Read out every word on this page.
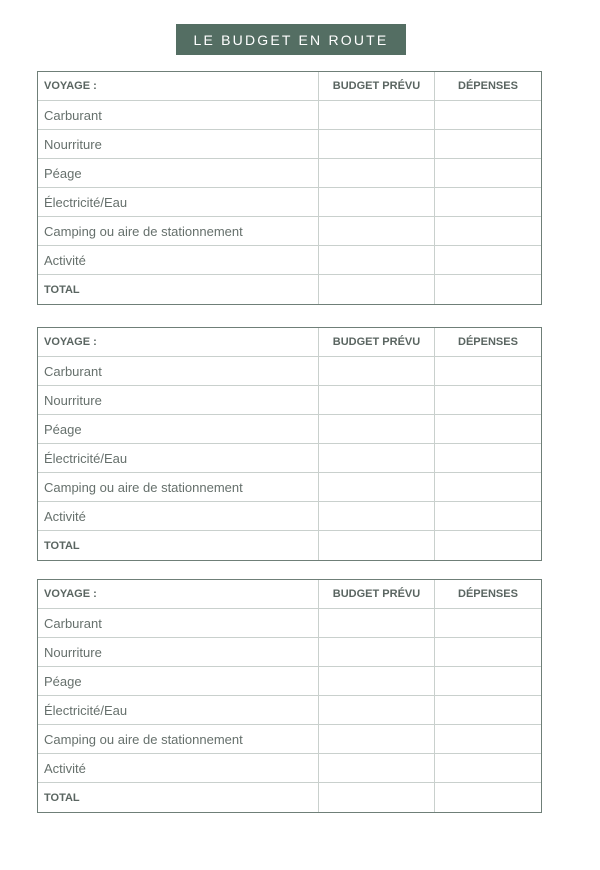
LE BUDGET EN ROUTE
VOYAGE :	BUDGET PRÉVU	DÉPENSES
Carburant
Nourriture
Péage
Électricité/Eau
Camping ou aire de stationnement
Activité
TOTAL
VOYAGE :	BUDGET PRÉVU	DÉPENSES
Carburant
Nourriture
Péage
Électricité/Eau
Camping ou aire de stationnement
Activité
TOTAL
VOYAGE :	BUDGET PRÉVU	DÉPENSES
Carburant
Nourriture
Péage
Électricité/Eau
Camping ou aire de stationnement
Activité
TOTAL
